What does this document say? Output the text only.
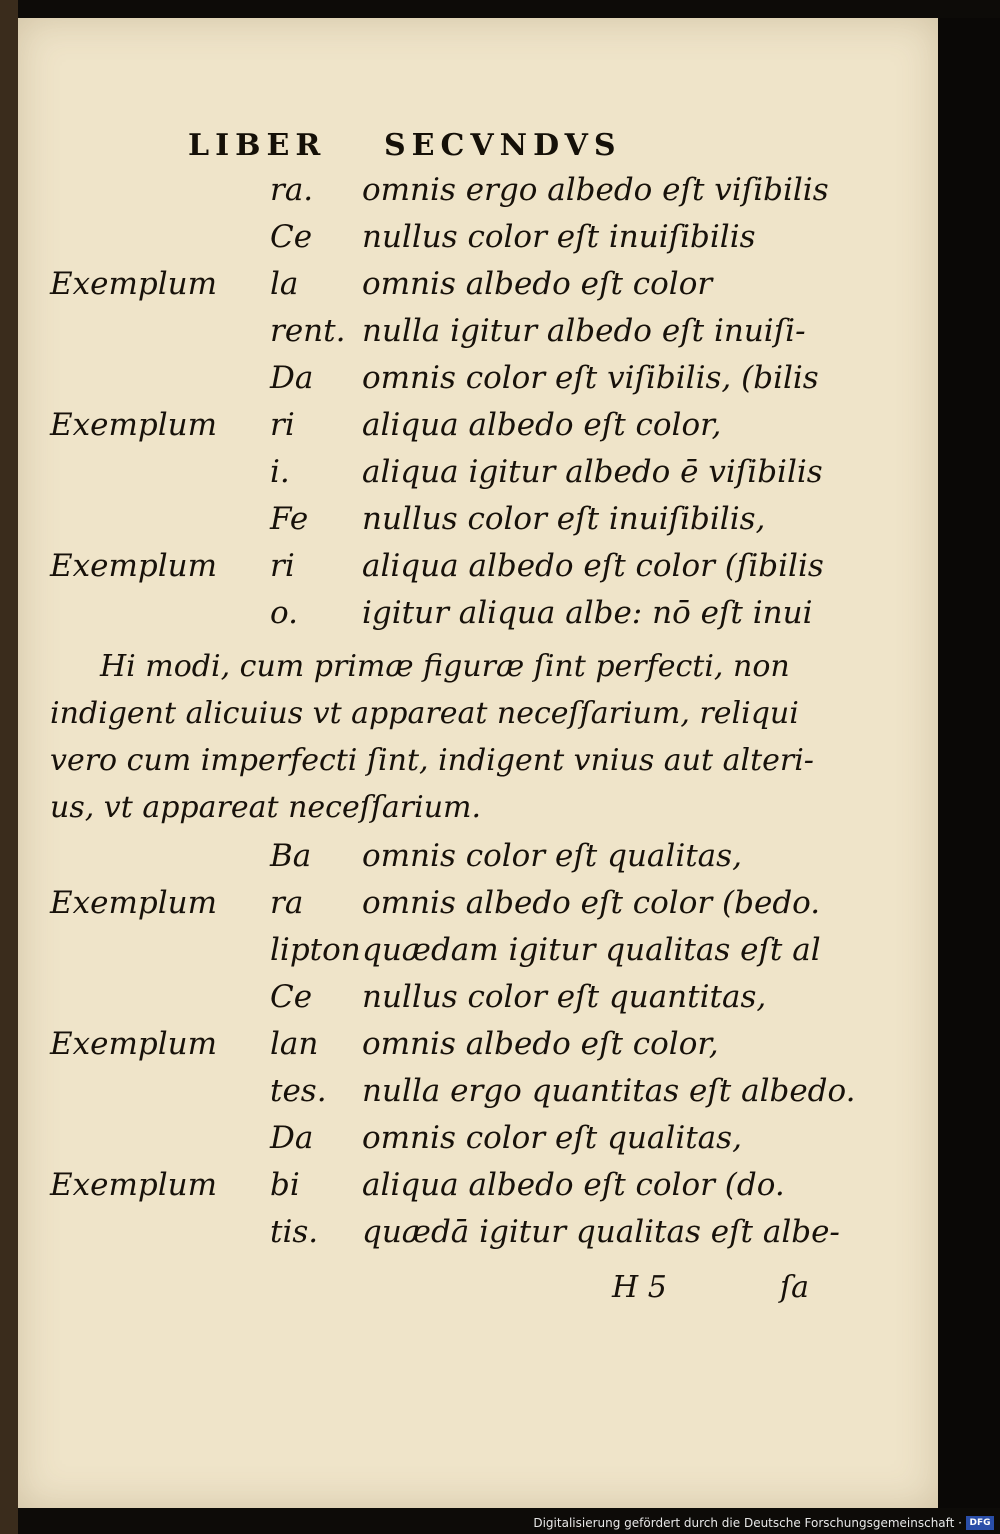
LIBER SECVNDVS
ra. omnis ergo albedo eſt viſibilis
Ce nullus color eſt inuiſibilis
Exemplum la omnis albedo eſt color
rent. nulla igitur albedo eſt inuiſi-
Da omnis color eſt viſibilis, (bilis
Exemplum ri aliqua albedo eſt color,
i. aliqua igitur albedo ē viſibilis
Fe nullus color eſt inuiſibilis,
Exemplum ri aliqua albedo eſt color (ſibilis
o. igitur aliqua albe: nō eſt inui
Hi modi, cum primæ figuræ ſint perfecti, non
indigent alicuius vt appareat neceſſarium, reliqui
vero cum imperfecti ſint, indigent vnius aut alteri-
us, vt appareat neceſſarium.
Ba omnis color eſt qualitas,
Exemplum ra omnis albedo eſt color (bedo.
lipton quædam igitur qualitas eſt al
Ce nullus color eſt quantitas,
Exemplum lan omnis albedo eſt color,
tes. nulla ergo quantitas eſt albedo.
Da omnis color eſt qualitas,
Exemplum bi aliqua albedo eſt color (do.
tis. quædā igitur qualitas eſt albe-
H 5	ſa
Digitalisierung gefördert durch die Deutsche Forschungsgemeinschaft · DFG
